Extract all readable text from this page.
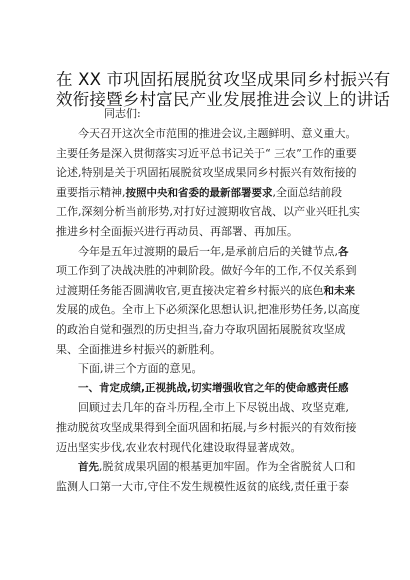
在 XX 市巩固拓展脱贫攻坚成果同乡村振兴有
效衔接暨乡村富民产业发展推进会议上的讲话
同志们:
今天召开这次全市范围的推进会议,主题鲜明、意义重大。
主要任务是深入贯彻落实习近平总书记关于“ 三农”工作的重要
论述,特别是关于巩固拓展脱贫攻坚成果同乡村振兴有效衔接的
重要指示精神,按照中央和省委的最新部署要求,全面总结前段
工作,深刻分析当前形势,对打好过渡期收官战、以产业兴旺扎实
推进乡村全面振兴进行再动员、再部署、再加压。
今年是五年过渡期的最后一年,是承前启后的关键节点,各
项工作到了决战决胜的冲刺阶段。做好今年的工作,不仅关系到
过渡期任务能否圆满收官,更直接决定着乡村振兴的底色和未来
发展的成色。全市上下必须深化思想认识,把准形势任务,以高度
的政治自觉和强烈的历史担当,奋力夺取巩固拓展脱贫攻坚成
果、全面推进乡村振兴的新胜利。
下面,讲三个方面的意见。
一、肯定成绩,正视挑战,切实增强收官之年的使命感责任感
回顾过去几年的奋斗历程,全市上下尽锐出战、攻坚克难,
推动脱贫攻坚成果得到全面巩固和拓展,与乡村振兴的有效衔接
迈出坚实步伐,农业农村现代化建设取得显著成效。
首先,脱贫成果巩固的根基更加牢固。作为全省脱贫人口和
监测人口第一大市,守住不发生规模性返贫的底线,责任重于泰
